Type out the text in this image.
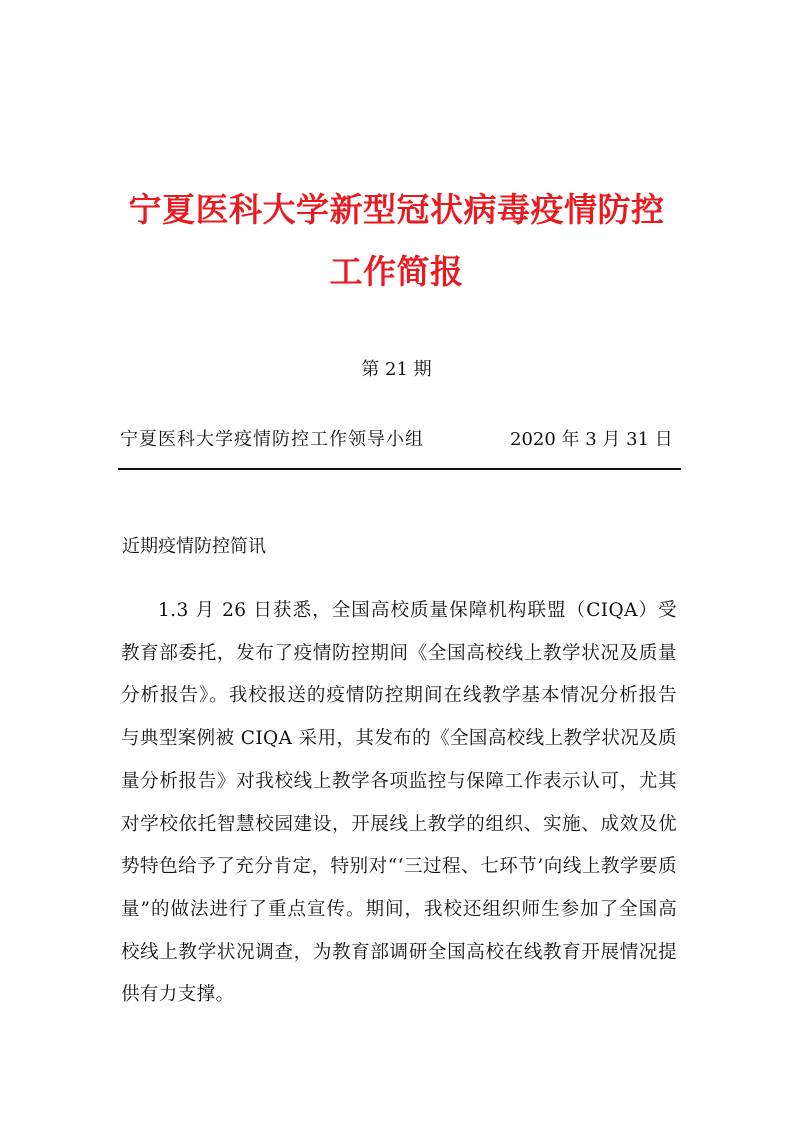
宁夏医科大学新型冠状病毒疫情防控
工作简报
第 21 期
宁夏医科大学疫情防控工作领导小组	2020 年 3 月 31 日
近期疫情防控简讯

1.3 月 26 日获悉，全国高校质量保障机构联盟（CIQA）受教育部委托，发布了疫情防控期间《全国高校线上教学状况及质量分析报告》。我校报送的疫情防控期间在线教学基本情况分析报告与典型案例被 CIQA 采用，其发布的《全国高校线上教学状况及质量分析报告》对我校线上教学各项监控与保障工作表示认可，尤其对学校依托智慧校园建设，开展线上教学的组织、实施、成效及优势特色给予了充分肯定，特别对“‘三过程、七环节’向线上教学要质量”的做法进行了重点宣传。期间，我校还组织师生参加了全国高校线上教学状况调查，为教育部调研全国高校在线教育开展情况提供有力支撑。
